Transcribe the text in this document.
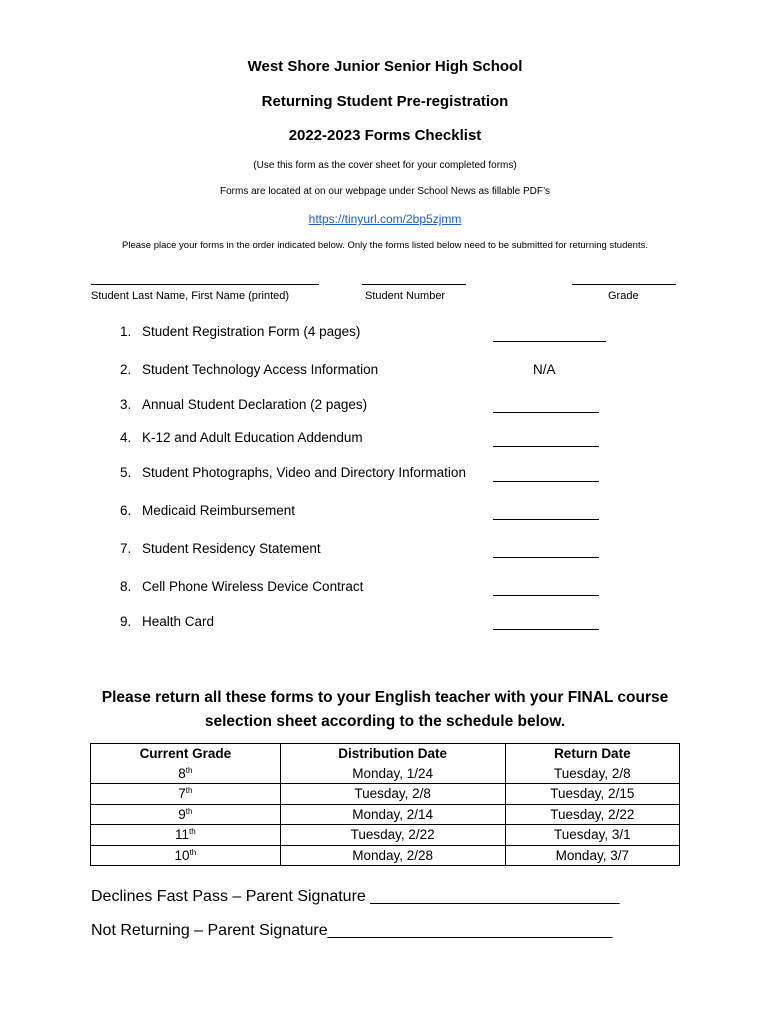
West Shore Junior Senior High School
Returning Student Pre-registration
2022-2023 Forms Checklist
(Use this form as the cover sheet for your completed forms)
Forms are located at on our webpage under School News as fillable PDF’s
https://tinyurl.com/2bp5zjmm
Please place your forms in the order indicated below. Only the forms listed below need to be submitted for returning students.
Student Last Name, First Name (printed)	Student Number	Grade
1. Student Registration Form (4 pages)
2. Student Technology Access Information	N/A
3. Annual Student Declaration (2 pages)
4. K-12 and Adult Education Addendum
5. Student Photographs, Video and Directory Information
6. Medicaid Reimbursement
7. Student Residency Statement
8. Cell Phone Wireless Device Contract
9. Health Card
Please return all these forms to your English teacher with your FINAL course
selection sheet according to the schedule below.
Current Grade	Distribution Date	Return Date
8th	Monday, 1/24	Tuesday, 2/8
7th	Tuesday, 2/8	Tuesday, 2/15
9th	Monday, 2/14	Tuesday, 2/22
11th	Tuesday, 2/22	Tuesday, 3/1
10th	Monday, 2/28	Monday, 3/7
Declines Fast Pass – Parent Signature ____________________________
Not Returning – Parent Signature________________________________
